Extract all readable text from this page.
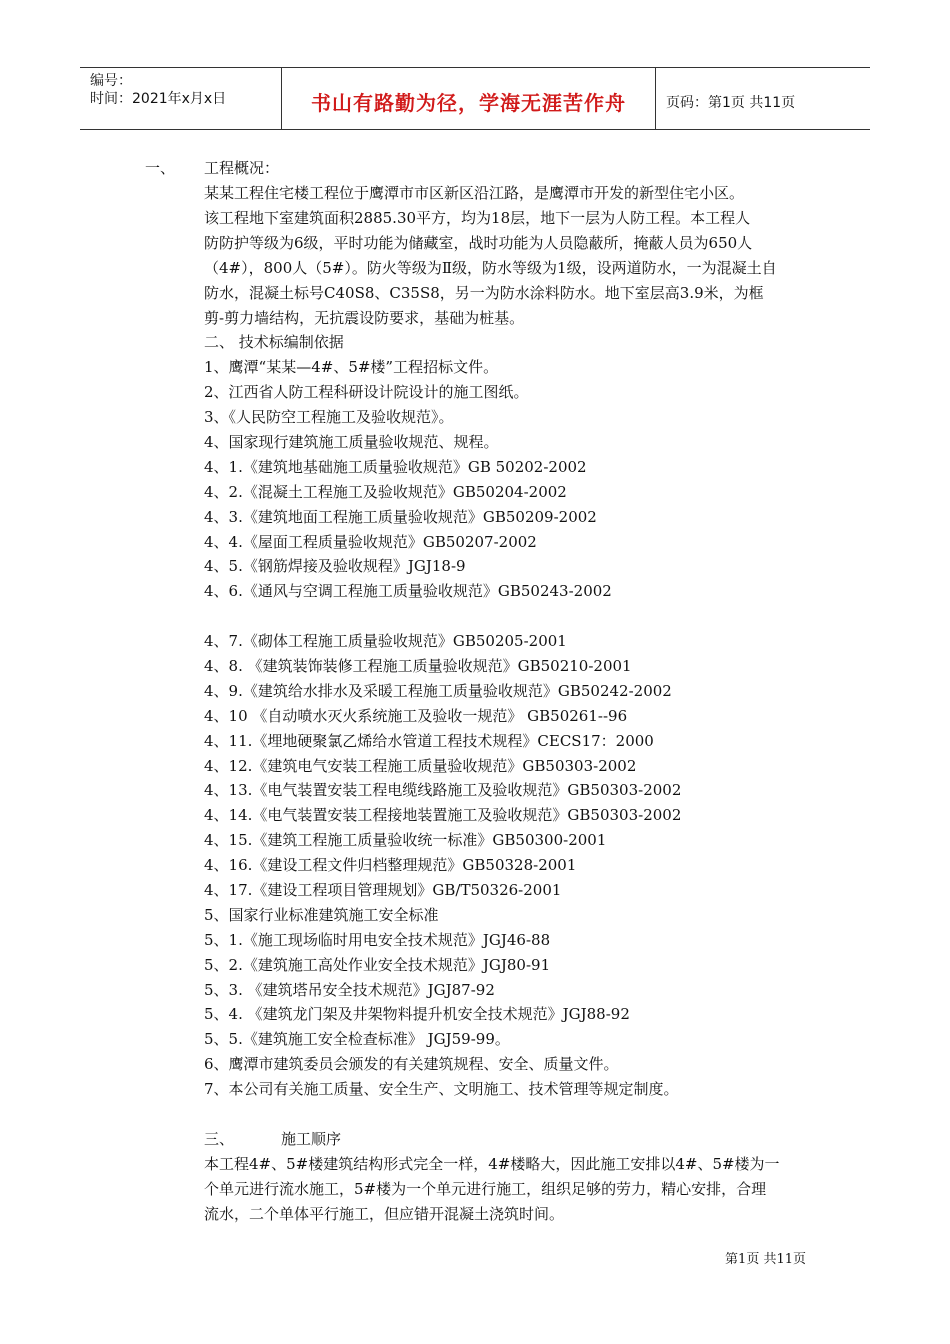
编号：
时间：2021年x月x日	书山有路勤为径，学海无涯苦作舟	页码：第1页 共11页
一、 工程概况：
某某工程住宅楼工程位于鹰潭市市区新区沿江路，是鹰潭市开发的新型住宅小区。
该工程地下室建筑面积2885.30平方，均为18层，地下一层为人防工程。本工程人
防防护等级为6级，平时功能为储藏室，战时功能为人员隐蔽所，掩蔽人员为650人
（4#），800人（5#）。防火等级为Ⅱ级，防水等级为1级，设两道防水，一为混凝土自
防水，混凝土标号C40S8、C35S8，另一为防水涂料防水。地下室层高3.9米，为框
剪-剪力墙结构，无抗震设防要求，基础为桩基。
二、 技术标编制依据
1、鹰潭“某某—4#、5#楼”工程招标文件。
2、江西省人防工程科研设计院设计的施工图纸。
3、《人民防空工程施工及验收规范》。
4、国家现行建筑施工质量验收规范、规程。
4、1.《建筑地基础施工质量验收规范》GB 50202-2002
4、2.《混凝土工程施工及验收规范》GB50204-2002
4、3.《建筑地面工程施工质量验收规范》GB50209-2002
4、4.《屋面工程质量验收规范》GB50207-2002
4、5.《钢筋焊接及验收规程》JGJ18-9
4、6.《通风与空调工程施工质量验收规范》GB50243-2002
4、7.《砌体工程施工质量验收规范》GB50205-2001
4、8. 《建筑装饰装修工程施工质量验收规范》GB50210-2001
4、9.《建筑给水排水及采暖工程施工质量验收规范》GB50242-2002
4、10 《自动喷水灭火系统施工及验收一规范》 GB50261--96
4、11.《埋地硬聚氯乙烯给水管道工程技术规程》CECS17：2000
4、12.《建筑电气安装工程施工质量验收规范》GB50303-2002
4、13.《电气装置安装工程电缆线路施工及验收规范》GB50303-2002
4、14.《电气装置安装工程接地装置施工及验收规范》GB50303-2002
4、15.《建筑工程施工质量验收统一标准》GB50300-2001
4、16.《建设工程文件归档整理规范》GB50328-2001
4、17.《建设工程项目管理规划》GB/T50326-2001
5、国家行业标准建筑施工安全标准
5、1.《施工现场临时用电安全技术规范》JGJ46-88
5、2.《建筑施工高处作业安全技术规范》JGJ80-91
5、3. 《建筑塔吊安全技术规范》JGJ87-92
5、4. 《建筑龙门架及井架物料提升机安全技术规范》JGJ88-92
5、5.《建筑施工安全检查标准》 JGJ59-99。
6、鹰潭市建筑委员会颁发的有关建筑规程、安全、质量文件。
7、本公司有关施工质量、安全生产、文明施工、技术管理等规定制度。
三、	施工顺序
本工程4#、5#楼建筑结构形式完全一样，4#楼略大，因此施工安排以4#、5#楼为一
个单元进行流水施工，5#楼为一个单元进行施工，组织足够的劳力，精心安排，合理
流水，二个单体平行施工，但应错开混凝土浇筑时间。
第1页 共11页
